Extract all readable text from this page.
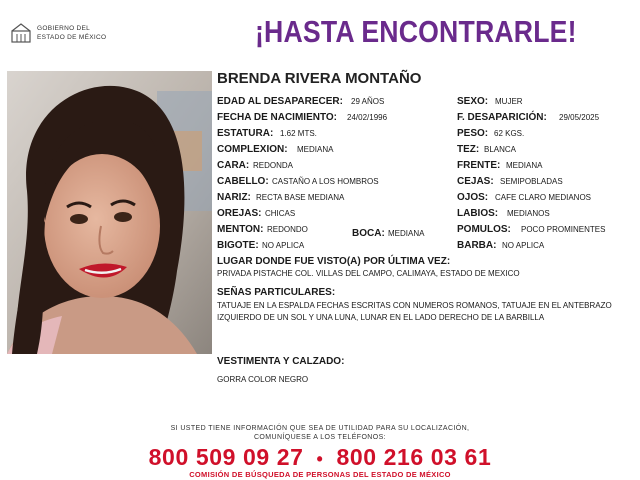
GOBIERNO DEL
ESTADO DE MÉXICO	¡HASTA ENCONTRARLE!
BRENDA RIVERA MONTAÑO
EDAD AL DESAPARECER: 29 AÑOS
FECHA DE NACIMIENTO: 24/02/1996
ESTATURA: 1.62 MTS.
COMPLEXION: MEDIANA
CARA: REDONDA
CABELLO: CASTAÑO A LOS HOMBROS
NARIZ: RECTA BASE MEDIANA
OREJAS: CHICAS
MENTON: REDONDO	BOCA: MEDIANA
BIGOTE: NO APLICA
SEXO: MUJER
F. DESAPARICIÓN: 29/05/2025
PESO: 62 KGS.
TEZ: BLANCA
FRENTE: MEDIANA
CEJAS: SEMIPOBLADAS
OJOS: CAFE CLARO MEDIANOS
LABIOS: MEDIANOS
POMULOS: POCO PROMINENTES
BARBA: NO APLICA
LUGAR DONDE FUE VISTO(A) POR ÚLTIMA VEZ:
PRIVADA PISTACHE COL. VILLAS DEL CAMPO, CALIMAYA, ESTADO DE MEXICO
SEÑAS PARTICULARES:
TATUAJE EN LA ESPALDA FECHAS ESCRITAS CON NUMEROS ROMANOS, TATUAJE EN EL ANTEBRAZO IZQUIERDO DE UN SOL Y UNA LUNA, LUNAR EN EL LADO DERECHO DE LA BARBILLA
VESTIMENTA Y CALZADO:
GORRA COLOR NEGRO
SI USTED TIENE INFORMACIÓN QUE SEA DE UTILIDAD PARA SU LOCALIZACIÓN,
COMUNÍQUESE A LOS TELÉFONOS:
800 509 09 27 • 800 216 03 61
COMISIÓN DE BÚSQUEDA DE PERSONAS DEL ESTADO DE MÉXICO
